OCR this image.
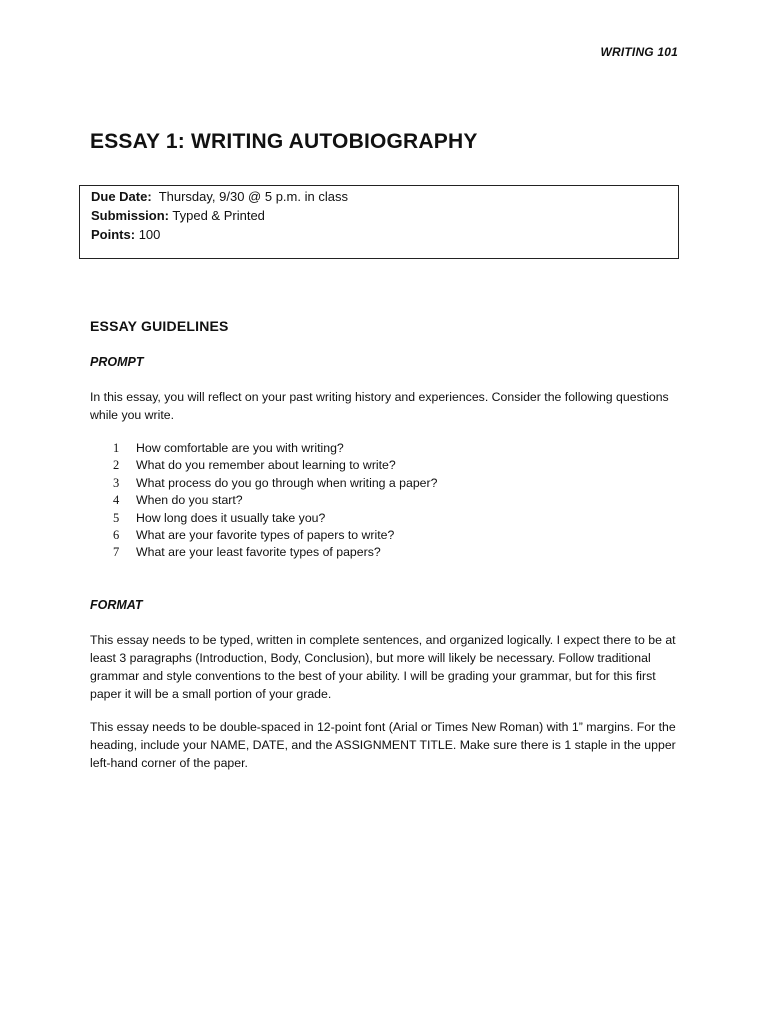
WRITING 101
ESSAY 1: WRITING AUTOBIOGRAPHY
Due Date: Thursday, 9/30 @ 5 p.m. in class
Submission: Typed & Printed
Points: 100
ESSAY GUIDELINES
PROMPT

In this essay, you will reflect on your past writing history and experiences. Consider the following questions while you write.

1	How comfortable are you with writing?
2	What do you remember about learning to write?
3	What process do you go through when writing a paper?
4	When do you start?
5	How long does it usually take you?
6	What are your favorite types of papers to write?
7	What are your least favorite types of papers?
FORMAT

This essay needs to be typed, written in complete sentences, and organized logically. I expect there to be at least 3 paragraphs (Introduction, Body, Conclusion), but more will likely be necessary. Follow traditional grammar and style conventions to the best of your ability. I will be grading your grammar, but for this first paper it will be a small portion of your grade.

This essay needs to be double-spaced in 12-point font (Arial or Times New Roman) with 1” margins. For the heading, include your NAME, DATE, and the ASSIGNMENT TITLE. Make sure there is 1 staple in the upper left-hand corner of the paper.
